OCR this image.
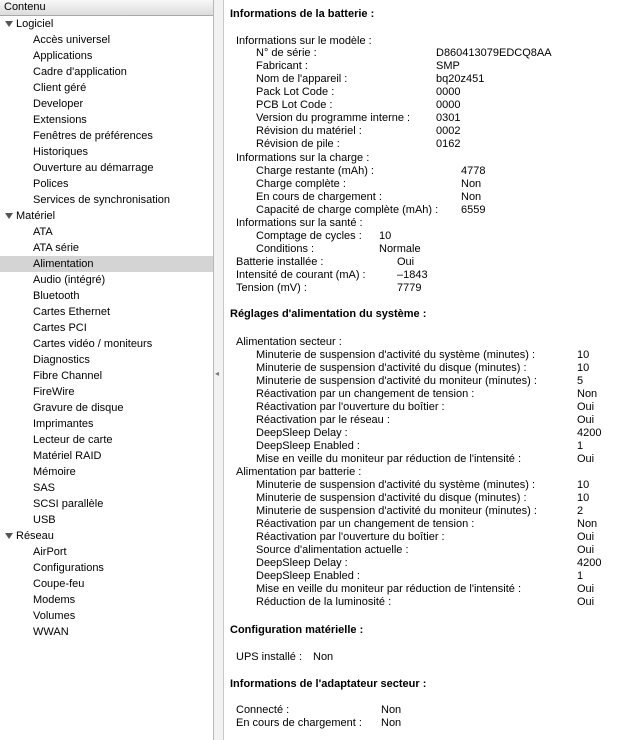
Contenu
Logiciel
Accès universel
Applications
Cadre d'application
Client géré
Developer
Extensions
Fenêtres de préférences
Historiques
Ouverture au démarrage
Polices
Services de synchronisation
Matériel
ATA
ATA série
Alimentation
Audio (intégré)
Bluetooth
Cartes Ethernet
Cartes PCI
Cartes vidéo / moniteurs
Diagnostics
Fibre Channel
FireWire
Gravure de disque
Imprimantes
Lecteur de carte
Matériel RAID
Mémoire
SAS
SCSI parallèle
USB
Réseau
AirPort
Configurations
Coupe-feu
Modems
Volumes
WWAN
◂
Informations de la batterie :
Informations sur le modèle :
N° de série :	D860413079EDCQ8AA
Fabricant :	SMP
Nom de l'appareil :	bq20z451
Pack Lot Code :	0000
PCB Lot Code :	0000
Version du programme interne : 0301
Révision du matériel :	0002
Révision de pile :	0162
Informations sur la charge :
Charge restante (mAh) :	4778
Charge complète :	Non
En cours de chargement :	Non
Capacité de charge complète (mAh) : 6559
Informations sur la santé :
Comptage de cycles : 10
Conditions :	Normale
Batterie installée :	Oui
Intensité de courant (mA) :	–1843
Tension (mV) :	7779
Réglages d'alimentation du système :
Alimentation secteur :
Minuterie de suspension d'activité du système (minutes) :	10
Minuterie de suspension d'activité du disque (minutes) :	10
Minuterie de suspension d'activité du moniteur (minutes) :	5
Réactivation par un changement de tension :	Non
Réactivation par l'ouverture du boîtier :	Oui
Réactivation par le réseau :	Oui
DeepSleep Delay :	4200
DeepSleep Enabled :	1
Mise en veille du moniteur par réduction de l'intensité :	Oui
Alimentation par batterie :
Minuterie de suspension d'activité du système (minutes) :	10
Minuterie de suspension d'activité du disque (minutes) :	10
Minuterie de suspension d'activité du moniteur (minutes) :	2
Réactivation par un changement de tension :	Non
Réactivation par l'ouverture du boîtier :	Oui
Source d'alimentation actuelle :	Oui
DeepSleep Delay :	4200
DeepSleep Enabled :	1
Mise en veille du moniteur par réduction de l'intensité :	Oui
Réduction de la luminosité :	Oui
Configuration matérielle :
UPS installé : Non
Informations de l'adaptateur secteur :
Connecté :	Non
En cours de chargement : Non
